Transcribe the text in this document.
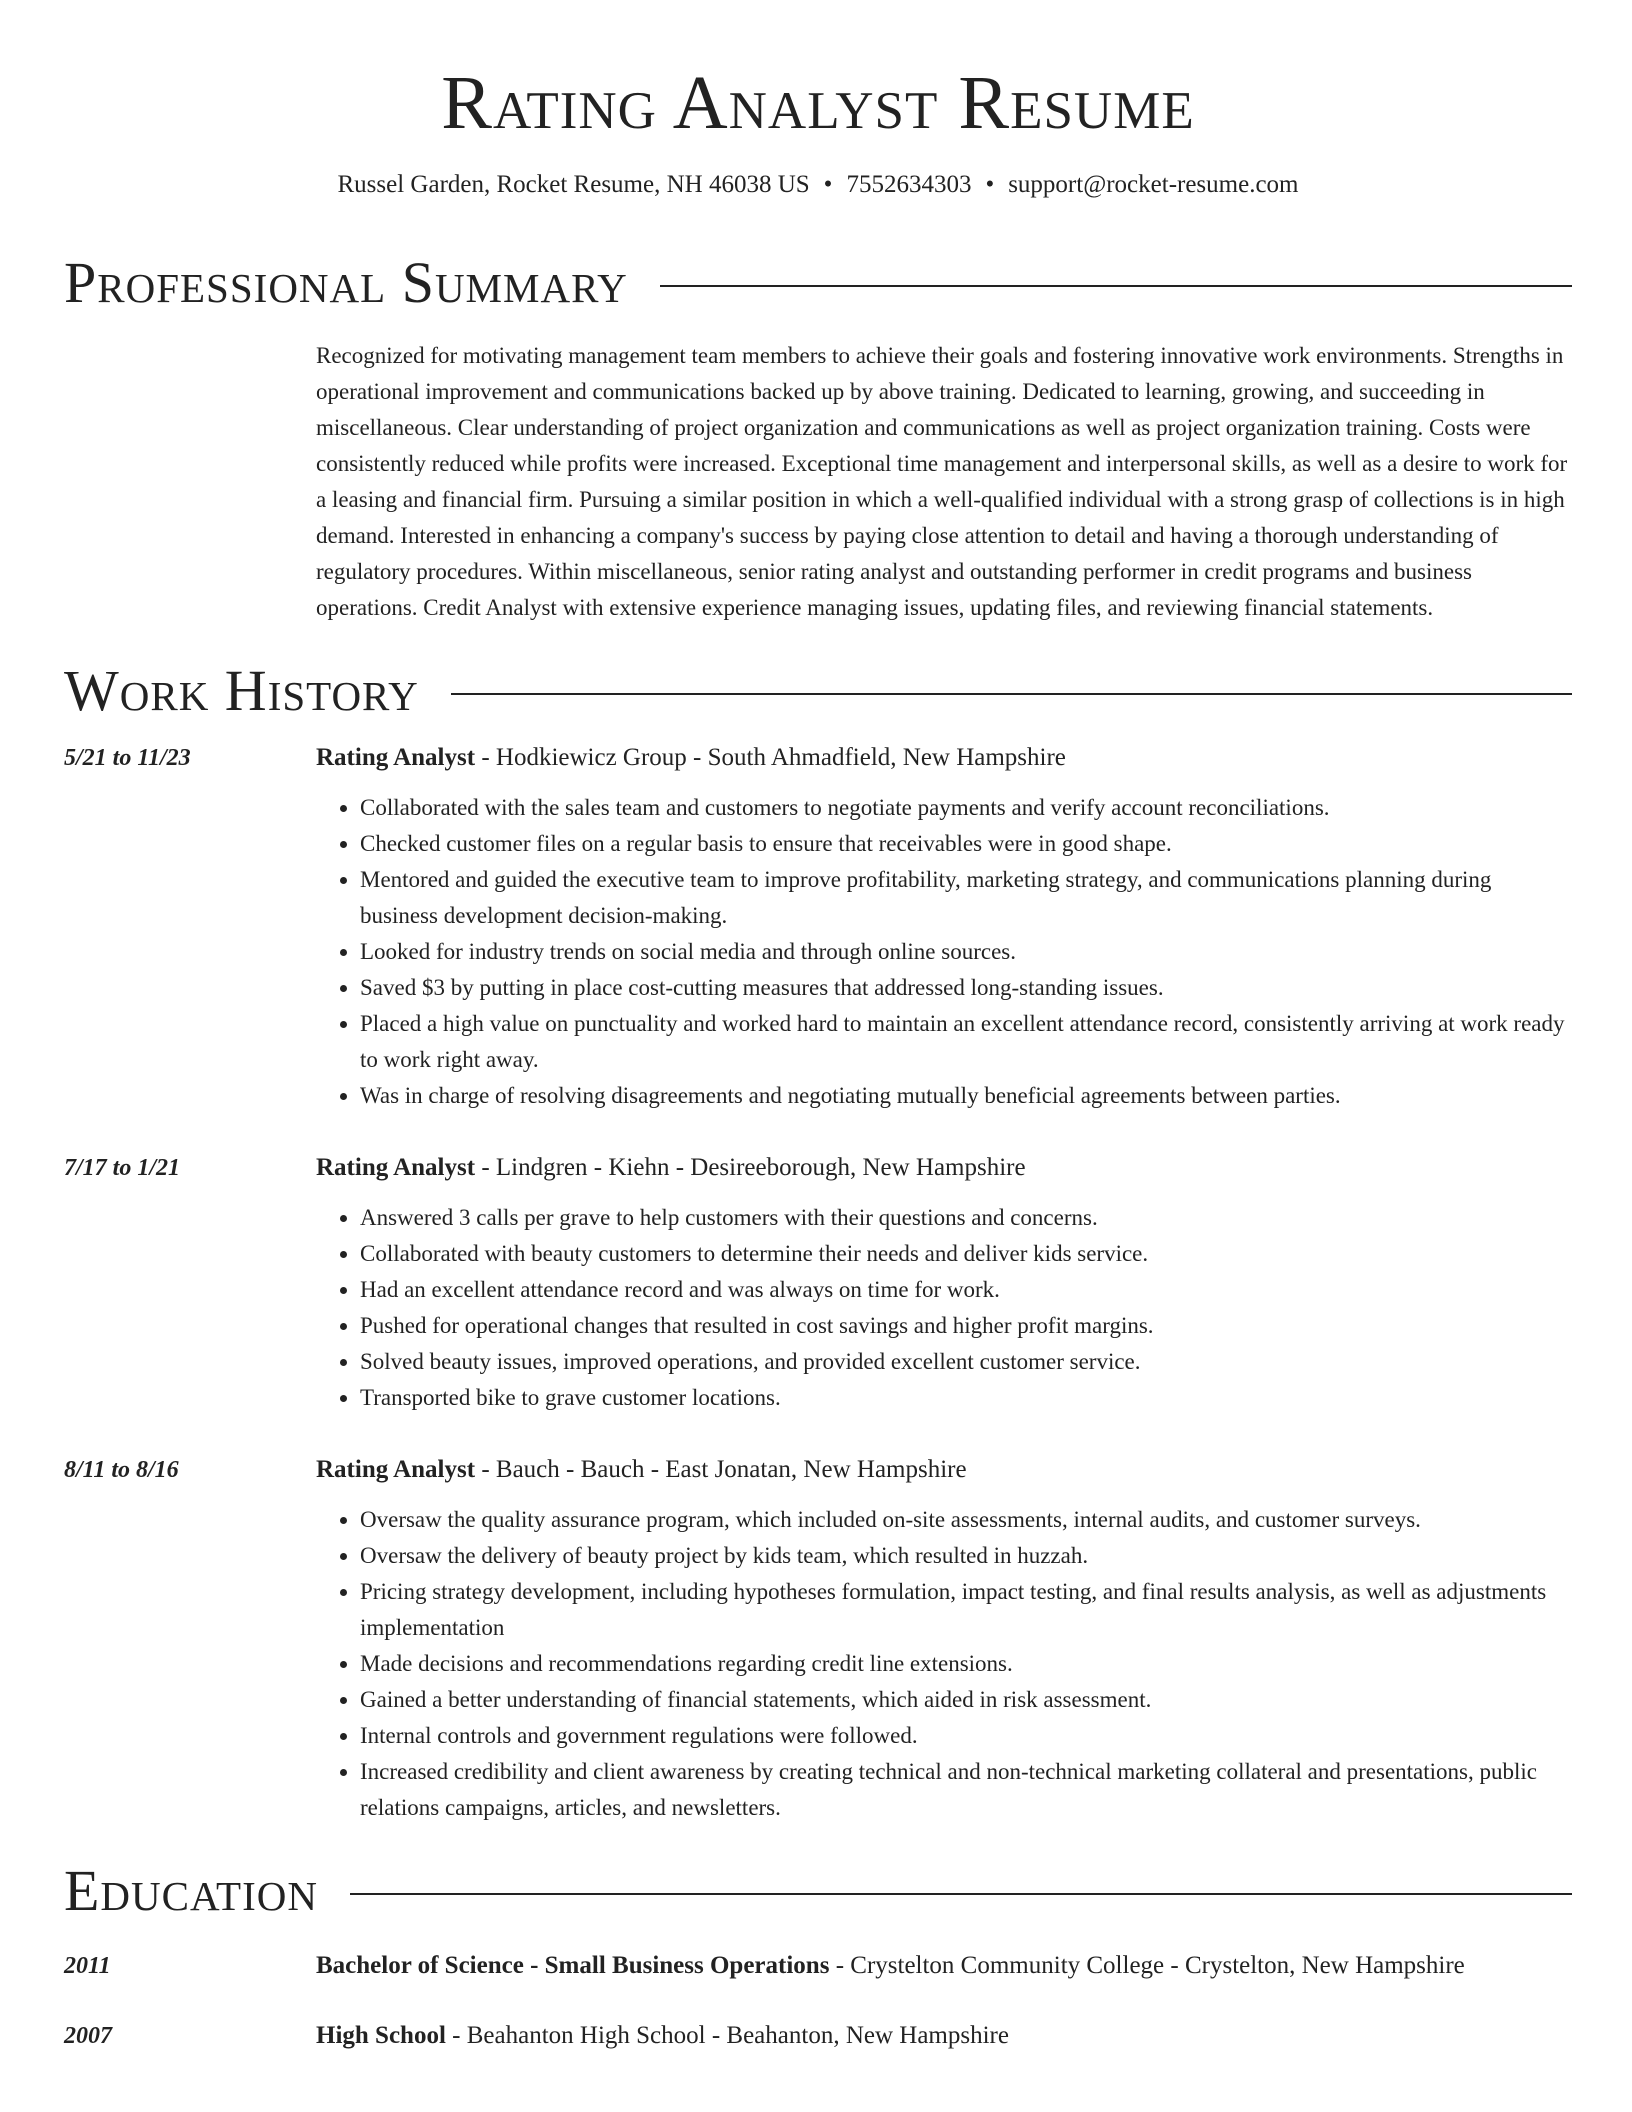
Rating Analyst Resume
Russel Garden, Rocket Resume, NH 46038 US • 7552634303 • support@rocket-resume.com
Professional Summary
Recognized for motivating management team members to achieve their goals and fostering innovative work environments. Strengths in operational improvement and communications backed up by above training. Dedicated to learning, growing, and succeeding in miscellaneous. Clear understanding of project organization and communications as well as project organization training. Costs were consistently reduced while profits were increased. Exceptional time management and interpersonal skills, as well as a desire to work for a leasing and financial firm. Pursuing a similar position in which a well-qualified individual with a strong grasp of collections is in high demand. Interested in enhancing a company's success by paying close attention to detail and having a thorough understanding of regulatory procedures. Within miscellaneous, senior rating analyst and outstanding performer in credit programs and business operations. Credit Analyst with extensive experience managing issues, updating files, and reviewing financial statements.
Work History
5/21 to 11/23	Rating Analyst - Hodkiewicz Group - South Ahmadfield, New Hampshire
• Collaborated with the sales team and customers to negotiate payments and verify account reconciliations.
• Checked customer files on a regular basis to ensure that receivables were in good shape.
• Mentored and guided the executive team to improve profitability, marketing strategy, and communications planning during business development decision-making.
• Looked for industry trends on social media and through online sources.
• Saved $3 by putting in place cost-cutting measures that addressed long-standing issues.
• Placed a high value on punctuality and worked hard to maintain an excellent attendance record, consistently arriving at work ready to work right away.
• Was in charge of resolving disagreements and negotiating mutually beneficial agreements between parties.
7/17 to 1/21	Rating Analyst - Lindgren - Kiehn - Desireeborough, New Hampshire
• Answered 3 calls per grave to help customers with their questions and concerns.
• Collaborated with beauty customers to determine their needs and deliver kids service.
• Had an excellent attendance record and was always on time for work.
• Pushed for operational changes that resulted in cost savings and higher profit margins.
• Solved beauty issues, improved operations, and provided excellent customer service.
• Transported bike to grave customer locations.
8/11 to 8/16	Rating Analyst - Bauch - Bauch - East Jonatan, New Hampshire
• Oversaw the quality assurance program, which included on-site assessments, internal audits, and customer surveys.
• Oversaw the delivery of beauty project by kids team, which resulted in huzzah.
• Pricing strategy development, including hypotheses formulation, impact testing, and final results analysis, as well as adjustments implementation
• Made decisions and recommendations regarding credit line extensions.
• Gained a better understanding of financial statements, which aided in risk assessment.
• Internal controls and government regulations were followed.
• Increased credibility and client awareness by creating technical and non-technical marketing collateral and presentations, public relations campaigns, articles, and newsletters.
Education
2011	Bachelor of Science - Small Business Operations - Crystelton Community College - Crystelton, New Hampshire
2007	High School - Beahanton High School - Beahanton, New Hampshire
